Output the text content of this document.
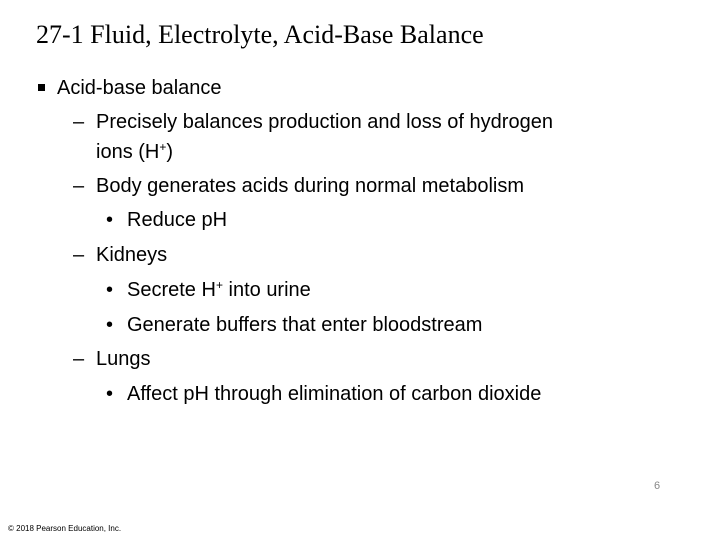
27-1 Fluid, Electrolyte, Acid-Base Balance
Acid-base balance
– Precisely balances production and loss of hydrogen
ions (H+)
– Body generates acids during normal metabolism
• Reduce pH
– Kidneys
• Secrete H+ into urine
• Generate buffers that enter bloodstream
– Lungs
• Affect pH through elimination of carbon dioxide
6
© 2018 Pearson Education, Inc.
